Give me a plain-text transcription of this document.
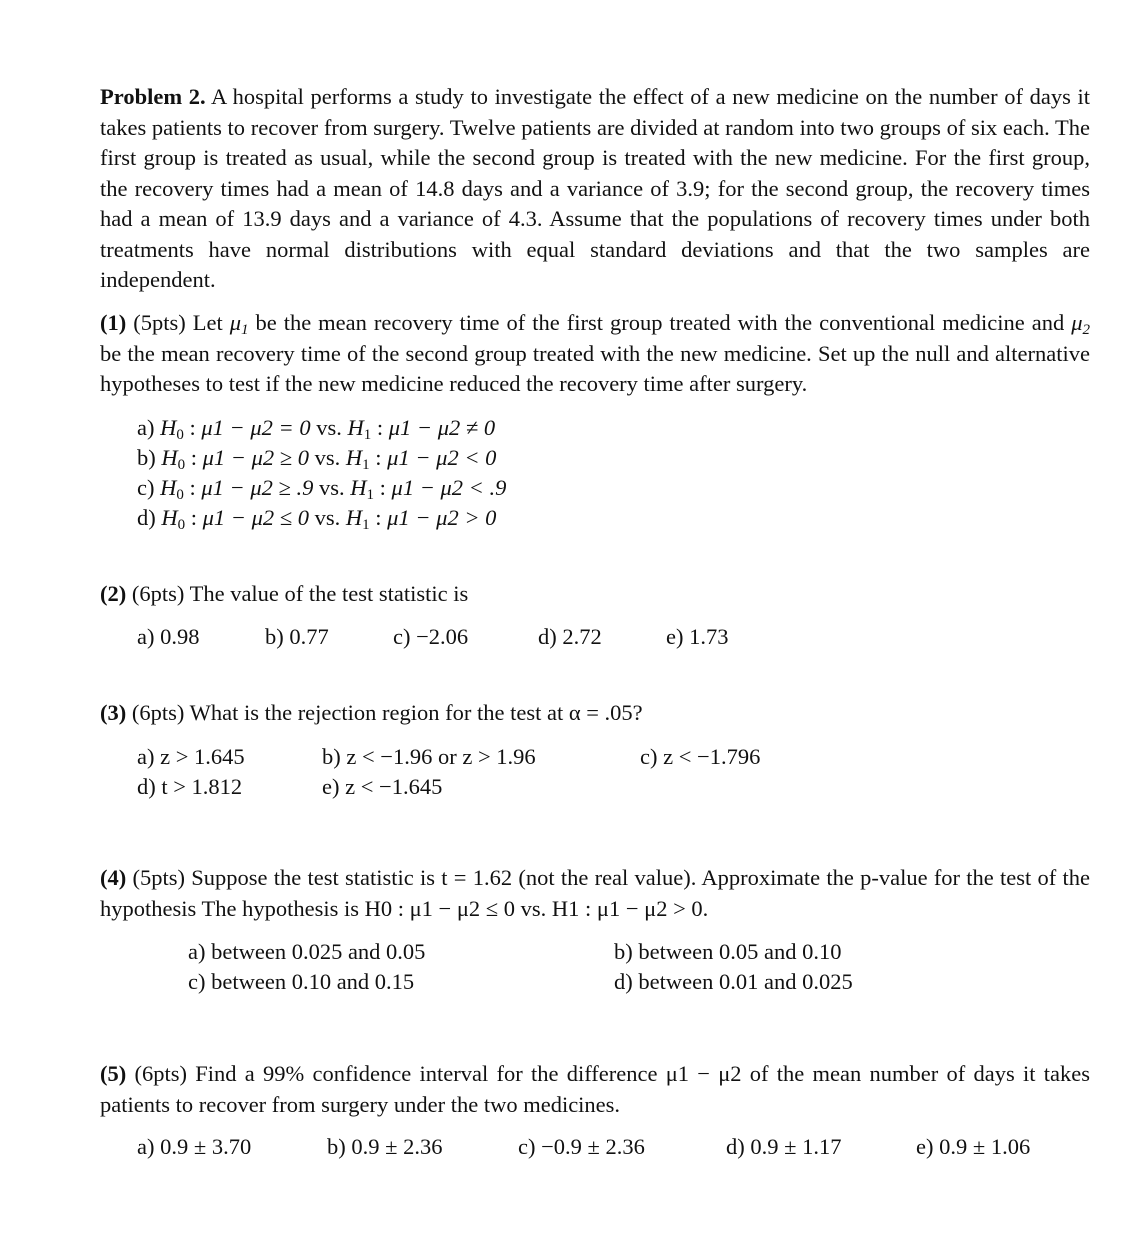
Problem 2. A hospital performs a study to investigate the effect of a new medicine on the number of days it takes patients to recover from surgery. Twelve patients are divided at random into two groups of six each. The first group is treated as usual, while the second group is treated with the new medicine. For the first group, the recovery times had a mean of 14.8 days and a variance of 3.9; for the second group, the recovery times had a mean of 13.9 days and a variance of 4.3. Assume that the populations of recovery times under both treatments have normal distributions with equal standard deviations and that the two samples are independent.
(1) (5pts) Let $\mu_1$ be the mean recovery time of the first group treated with the conventional medicine and $\mu_2$ be the mean recovery time of the second group treated with the new medicine. Set up the null and alternative hypotheses to test if the new medicine reduced the recovery time after surgery.
a) $H_0$ : μ1 − μ2 = 0 vs. $H_1$ : μ1 − μ2 ≠ 0
b) $H_0$ : μ1 − μ2 ≥ 0 vs. $H_1$ : μ1 − μ2 < 0
c) $H_0$ : μ1 − μ2 ≥ .9 vs. $H_1$ : μ1 − μ2 < .9
d) $H_0$ : μ1 − μ2 ≤ 0 vs. $H_1$ : μ1 − μ2 > 0
(2) (6pts) The value of the test statistic is
a) 0.98	b) 0.77	c) −2.06	d) 2.72	e) 1.73
(3) (6pts) What is the rejection region for the test at α = .05?
a) z > 1.645	b) z < −1.96 or z > 1.96	c) z < −1.796
d) t > 1.812	e) z < −1.645
(4) (5pts) Suppose the test statistic is t = 1.62 (not the real value). Approximate the p-value for the test of the hypothesis The hypothesis is H0 : μ1 − μ2 ≤ 0 vs. H1 : μ1 − μ2 > 0.
a) between 0.025 and 0.05	b) between 0.05 and 0.10
c) between 0.10 and 0.15	d) between 0.01 and 0.025
(5) (6pts) Find a 99% confidence interval for the difference μ1 − μ2 of the mean number of days it takes patients to recover from surgery under the two medicines.
a) 0.9 ± 3.70	b) 0.9 ± 2.36	c) −0.9 ± 2.36	d) 0.9 ± 1.17	e) 0.9 ± 1.06
